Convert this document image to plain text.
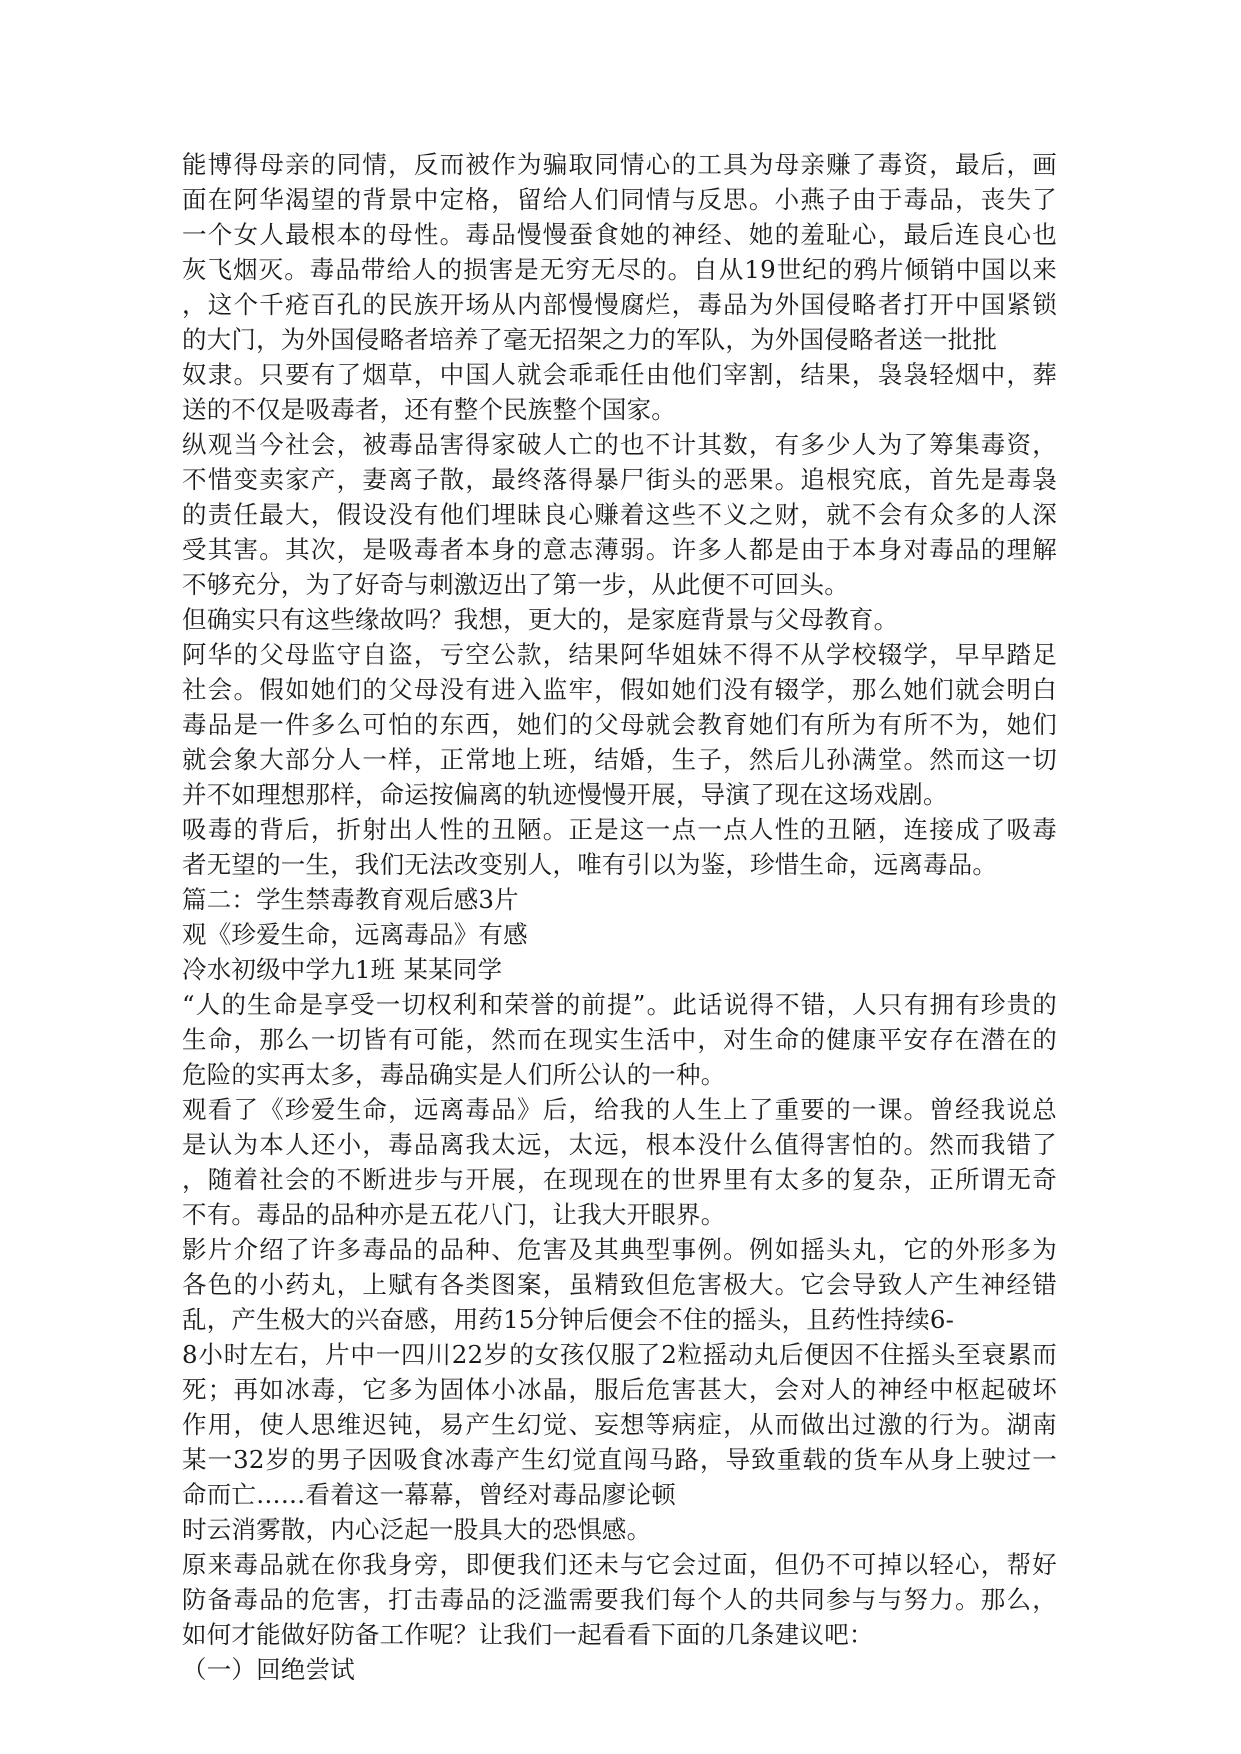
能博得母亲的同情，反而被作为骗取同情心的工具为母亲赚了毒资，最后，画
面在阿华渴望的背景中定格，留给人们同情与反思。小燕子由于毒品，丧失了
一个女人最根本的母性。毒品慢慢蚕食她的神经、她的羞耻心，最后连良心也
灰飞烟灭。毒品带给人的损害是无穷无尽的。自从19世纪的鸦片倾销中国以来
，这个千疮百孔的民族开场从内部慢慢腐烂，毒品为外国侵略者打开中国紧锁
的大门，为外国侵略者培养了毫无招架之力的军队，为外国侵略者送一批批
奴隶。只要有了烟草，中国人就会乖乖任由他们宰割，结果，袅袅轻烟中，葬
送的不仅是吸毒者，还有整个民族整个国家。
纵观当今社会，被毒品害得家破人亡的也不计其数，有多少人为了筹集毒资，
不惜变卖家产，妻离子散，最终落得暴尸街头的恶果。追根究底，首先是毒袅
的责任最大，假设没有他们埋昧良心赚着这些不义之财，就不会有众多的人深
受其害。其次，是吸毒者本身的意志薄弱。许多人都是由于本身对毒品的理解
不够充分，为了好奇与刺激迈出了第一步，从此便不可回头。
但确实只有这些缘故吗？我想，更大的，是家庭背景与父母教育。
阿华的父母监守自盗，亏空公款，结果阿华姐妹不得不从学校辍学，早早踏足
社会。假如她们的父母没有进入监牢，假如她们没有辍学，那么她们就会明白
毒品是一件多么可怕的东西，她们的父母就会教育她们有所为有所不为，她们
就会象大部分人一样，正常地上班，结婚，生子，然后儿孙满堂。然而这一切
并不如理想那样，命运按偏离的轨迹慢慢开展，导演了现在这场戏剧。
吸毒的背后，折射出人性的丑陋。正是这一点一点人性的丑陋，连接成了吸毒
者无望的一生，我们无法改变别人，唯有引以为鉴，珍惜生命，远离毒品。
篇二：学生禁毒教育观后感3片
观《珍爱生命，远离毒品》有感
冷水初级中学九1班 某某同学
“人的生命是享受一切权利和荣誉的前提”。此话说得不错，人只有拥有珍贵的
生命，那么一切皆有可能，然而在现实生活中，对生命的健康平安存在潜在的
危险的实再太多，毒品确实是人们所公认的一种。
观看了《珍爱生命，远离毒品》后，给我的人生上了重要的一课。曾经我说总
是认为本人还小，毒品离我太远，太远，根本没什么值得害怕的。然而我错了
，随着社会的不断进步与开展，在现现在的世界里有太多的复杂，正所谓无奇
不有。毒品的品种亦是五花八门，让我大开眼界。
影片介绍了许多毒品的品种、危害及其典型事例。例如摇头丸，它的外形多为
各色的小药丸，上赋有各类图案，虽精致但危害极大。它会导致人产生神经错
乱，产生极大的兴奋感，用药15分钟后便会不住的摇头，且药性持续6-
8小时左右，片中一四川22岁的女孩仅服了2粒摇动丸后便因不住摇头至衰累而
死；再如冰毒，它多为固体小冰晶，服后危害甚大，会对人的神经中枢起破坏
作用，使人思维迟钝，易产生幻觉、妄想等病症，从而做出过激的行为。湖南
某一32岁的男子因吸食冰毒产生幻觉直闯马路，导致重载的货车从身上驶过一
命而亡……看着这一幕幕，曾经对毒品廖论顿
时云消雾散，内心泛起一股具大的恐惧感。
原来毒品就在你我身旁，即便我们还未与它会过面，但仍不可掉以轻心，帮好
防备毒品的危害，打击毒品的泛滥需要我们每个人的共同参与与努力。那么，
如何才能做好防备工作呢？让我们一起看看下面的几条建议吧：
（一）回绝尝试
